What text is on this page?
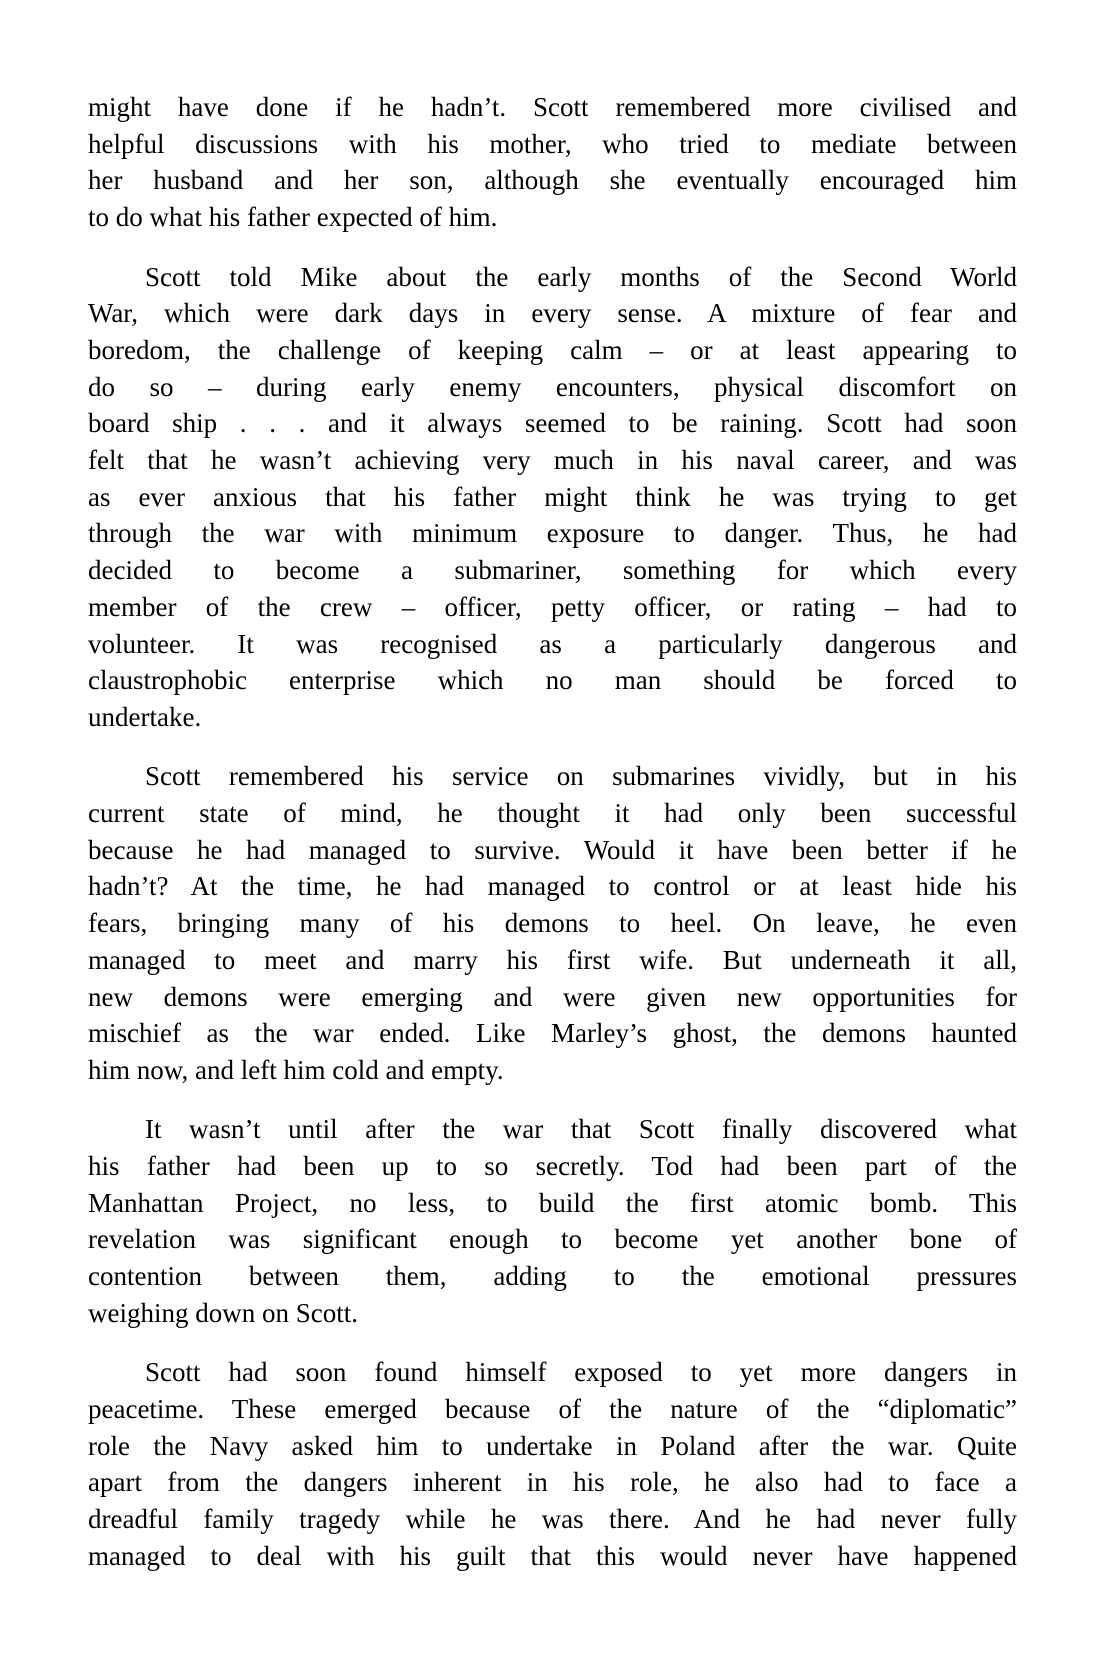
might have done if he hadn’t. Scott remembered more civilised and
helpful discussions with his mother, who tried to mediate between
her husband and her son, although she eventually encouraged him
to do what his father expected of him.

Scott told Mike about the early months of the Second World
War, which were dark days in every sense. A mixture of fear and
boredom, the challenge of keeping calm – or at least appearing to
do so – during early enemy encounters, physical discomfort on
board ship . . . and it always seemed to be raining. Scott had soon
felt that he wasn’t achieving very much in his naval career, and was
as ever anxious that his father might think he was trying to get
through the war with minimum exposure to danger. Thus, he had
decided to become a submariner, something for which every
member of the crew – officer, petty officer, or rating – had to
volunteer. It was recognised as a particularly dangerous and
claustrophobic enterprise which no man should be forced to
undertake.

Scott remembered his service on submarines vividly, but in his
current state of mind, he thought it had only been successful
because he had managed to survive. Would it have been better if he
hadn’t? At the time, he had managed to control or at least hide his
fears, bringing many of his demons to heel. On leave, he even
managed to meet and marry his first wife. But underneath it all,
new demons were emerging and were given new opportunities for
mischief as the war ended. Like Marley’s ghost, the demons haunted
him now, and left him cold and empty.

It wasn’t until after the war that Scott finally discovered what
his father had been up to so secretly. Tod had been part of the
Manhattan Project, no less, to build the first atomic bomb. This
revelation was significant enough to become yet another bone of
contention between them, adding to the emotional pressures
weighing down on Scott.

Scott had soon found himself exposed to yet more dangers in
peacetime. These emerged because of the nature of the “diplomatic”
role the Navy asked him to undertake in Poland after the war. Quite
apart from the dangers inherent in his role, he also had to face a
dreadful family tragedy while he was there. And he had never fully
managed to deal with his guilt that this would never have happened
